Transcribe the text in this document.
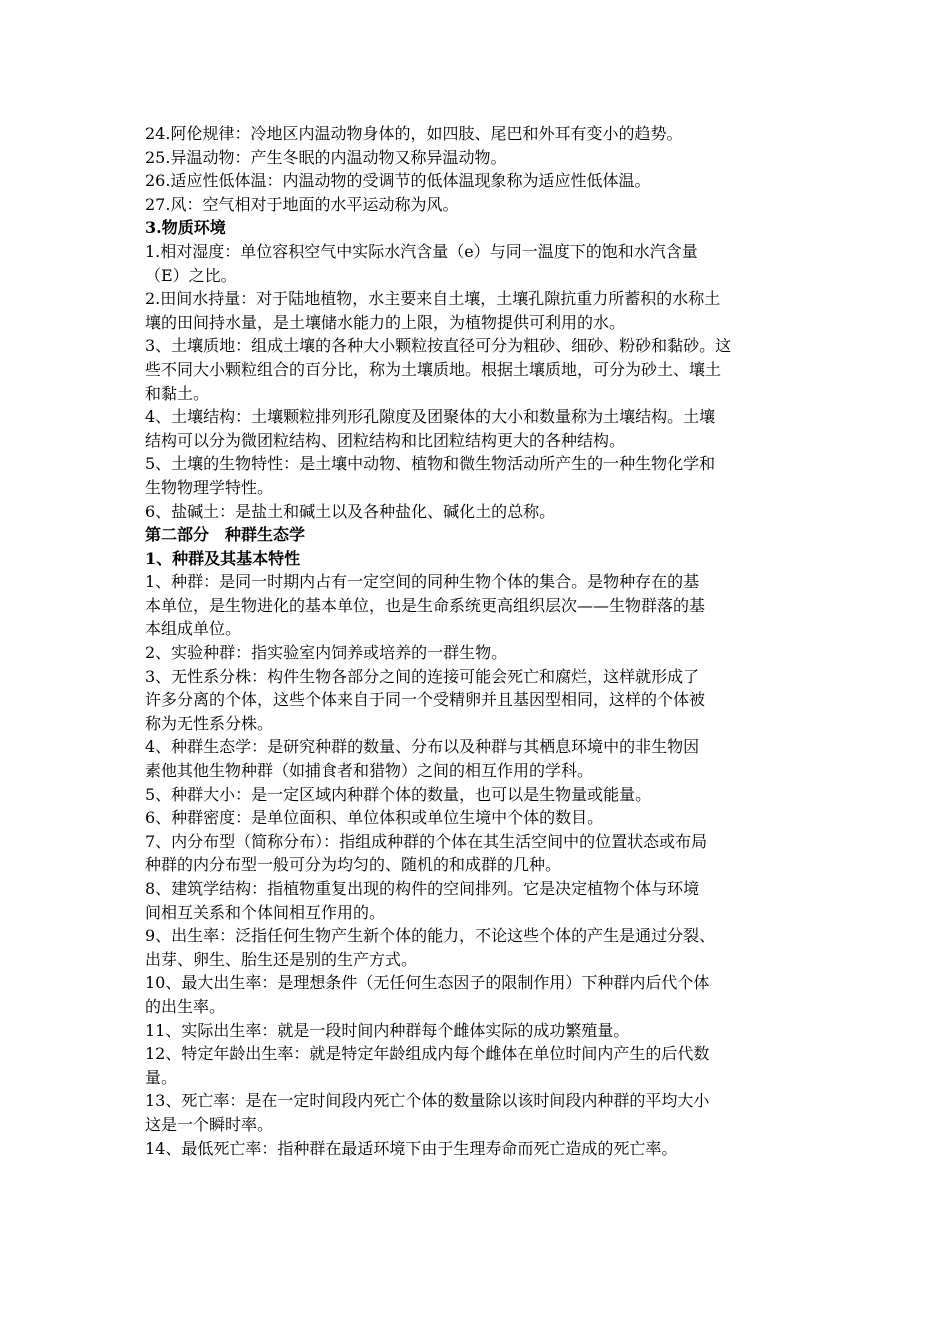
24.阿伦规律：冷地区内温动物身体的，如四肢、尾巴和外耳有变小的趋势。
25.异温动物：产生冬眠的内温动物又称异温动物。
26.适应性低体温：内温动物的受调节的低体温现象称为适应性低体温。
27.风：空气相对于地面的水平运动称为风。
3.物质环境
1.相对湿度：单位容积空气中实际水汽含量（e）与同一温度下的饱和水汽含量
（E）之比。
2.田间水持量：对于陆地植物，水主要来自土壤，土壤孔隙抗重力所蓄积的水称土
壤的田间持水量，是土壤储水能力的上限，为植物提供可利用的水。
3、土壤质地：组成土壤的各种大小颗粒按直径可分为粗砂、细砂、粉砂和黏砂。这
些不同大小颗粒组合的百分比，称为土壤质地。根据土壤质地，可分为砂土、壤土
和黏土。
4、土壤结构：土壤颗粒排列形孔隙度及团聚体的大小和数量称为土壤结构。土壤
结构可以分为微团粒结构、团粒结构和比团粒结构更大的各种结构。
5、土壤的生物特性：是土壤中动物、植物和微生物活动所产生的一种生物化学和
生物物理学特性。
6、盐碱土：是盐土和碱土以及各种盐化、碱化土的总称。
第二部分　种群生态学
1、种群及其基本特性
1、种群：是同一时期内占有一定空间的同种生物个体的集合。是物种存在的基
本单位，是生物进化的基本单位，也是生命系统更高组织层次——生物群落的基
本组成单位。
2、实验种群：指实验室内饲养或培养的一群生物。
3、无性系分株：构件生物各部分之间的连接可能会死亡和腐烂，这样就形成了
许多分离的个体，这些个体来自于同一个受精卵并且基因型相同，这样的个体被
称为无性系分株。
4、种群生态学：是研究种群的数量、分布以及种群与其栖息环境中的非生物因
素他其他生物种群（如捕食者和猎物）之间的相互作用的学科。
5、种群大小：是一定区域内种群个体的数量，也可以是生物量或能量。
6、种群密度：是单位面积、单位体积或单位生境中个体的数目。
7、内分布型（简称分布）：指组成种群的个体在其生活空间中的位置状态或布局
种群的内分布型一般可分为均匀的、随机的和成群的几种。
8、建筑学结构：指植物重复出现的构件的空间排列。它是决定植物个体与环境
间相互关系和个体间相互作用的。
9、出生率：泛指任何生物产生新个体的能力，不论这些个体的产生是通过分裂、
出芽、卵生、胎生还是别的生产方式。
10、最大出生率：是理想条件（无任何生态因子的限制作用）下种群内后代个体
的出生率。
11、实际出生率：就是一段时间内种群每个雌体实际的成功繁殖量。
12、特定年龄出生率：就是特定年龄组成内每个雌体在单位时间内产生的后代数
量。
13、死亡率：是在一定时间段内死亡个体的数量除以该时间段内种群的平均大小
这是一个瞬时率。
14、最低死亡率：指种群在最适环境下由于生理寿命而死亡造成的死亡率。
